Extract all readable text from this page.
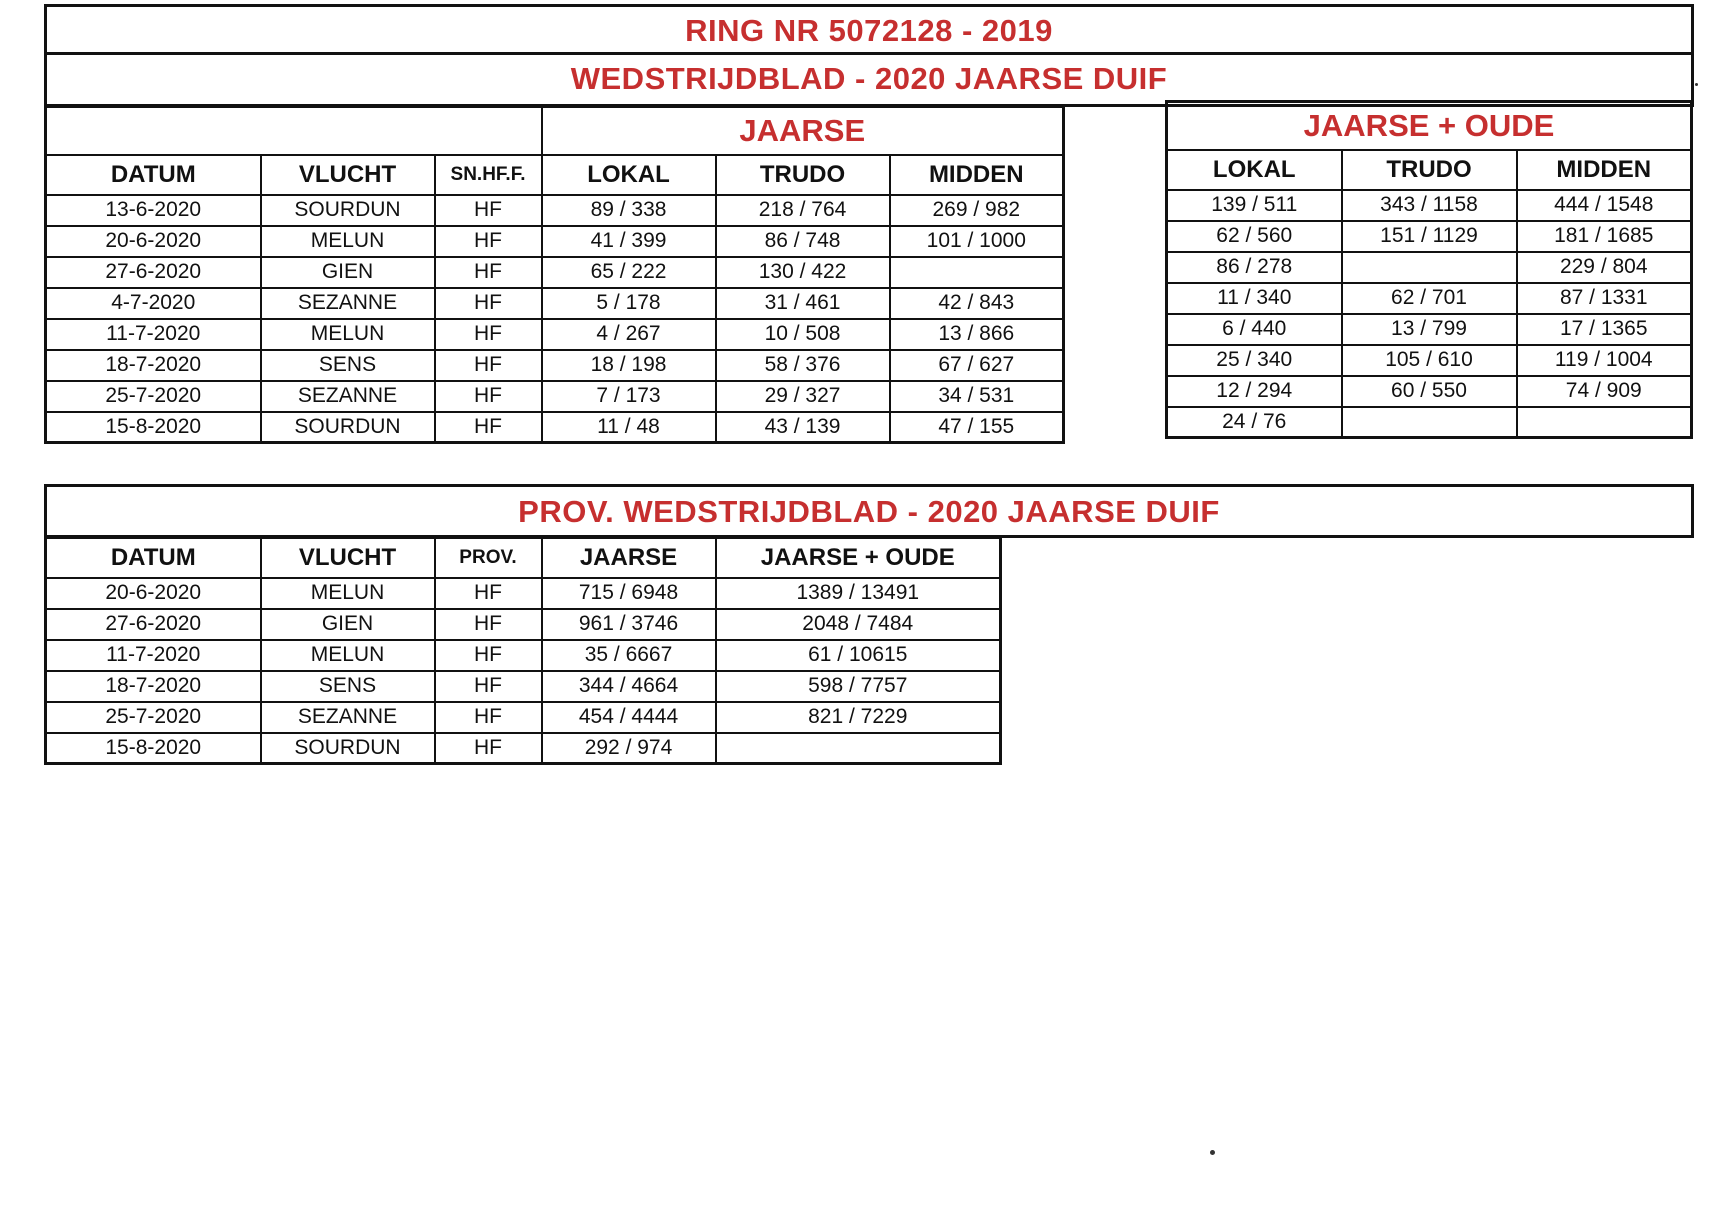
RING NR 5072128 - 2019
WEDSTRIJDBLAD - 2020 JAARSE DUIF
			JAARSE		
DATUM	VLUCHT	SN.HF.F.	LOKAL	TRUDO	MIDDEN
13-6-2020	SOURDUN	HF	89 / 338	218 / 764	269 / 982
20-6-2020	MELUN	HF	41 / 399	86 / 748	101 / 1000
27-6-2020	GIEN	HF	65 / 222	130 / 422	
4-7-2020	SEZANNE	HF	5 / 178	31 / 461	42 / 843
11-7-2020	MELUN	HF	4 / 267	10 / 508	13 / 866
18-7-2020	SENS	HF	18 / 198	58 / 376	67 / 627
25-7-2020	SEZANNE	HF	7 / 173	29 / 327	34 / 531
15-8-2020	SOURDUN	HF	11 / 48	43 / 139	47 / 155
JAARSE + OUDE		
LOKAL	TRUDO	MIDDEN
139 / 511	343 / 1158	444 / 1548
62 / 560	151 / 1129	181 / 1685
86 / 278		229 / 804
11 / 340	62 / 701	87 / 1331
6 / 440	13 / 799	17 / 1365
25 / 340	105 / 610	119 / 1004
12 / 294	60 / 550	74 / 909
24 / 76		
PROV. WEDSTRIJDBLAD - 2020 JAARSE DUIF
DATUM	VLUCHT	PROV.	JAARSE	JAARSE + OUDE
20-6-2020	MELUN	HF	715 / 6948	1389 / 13491
27-6-2020	GIEN	HF	961 / 3746	2048 / 7484
11-7-2020	MELUN	HF	35 / 6667	61 / 10615
18-7-2020	SENS	HF	344 / 4664	598 / 7757
25-7-2020	SEZANNE	HF	454 / 4444	821 / 7229
15-8-2020	SOURDUN	HF	292 / 974	
